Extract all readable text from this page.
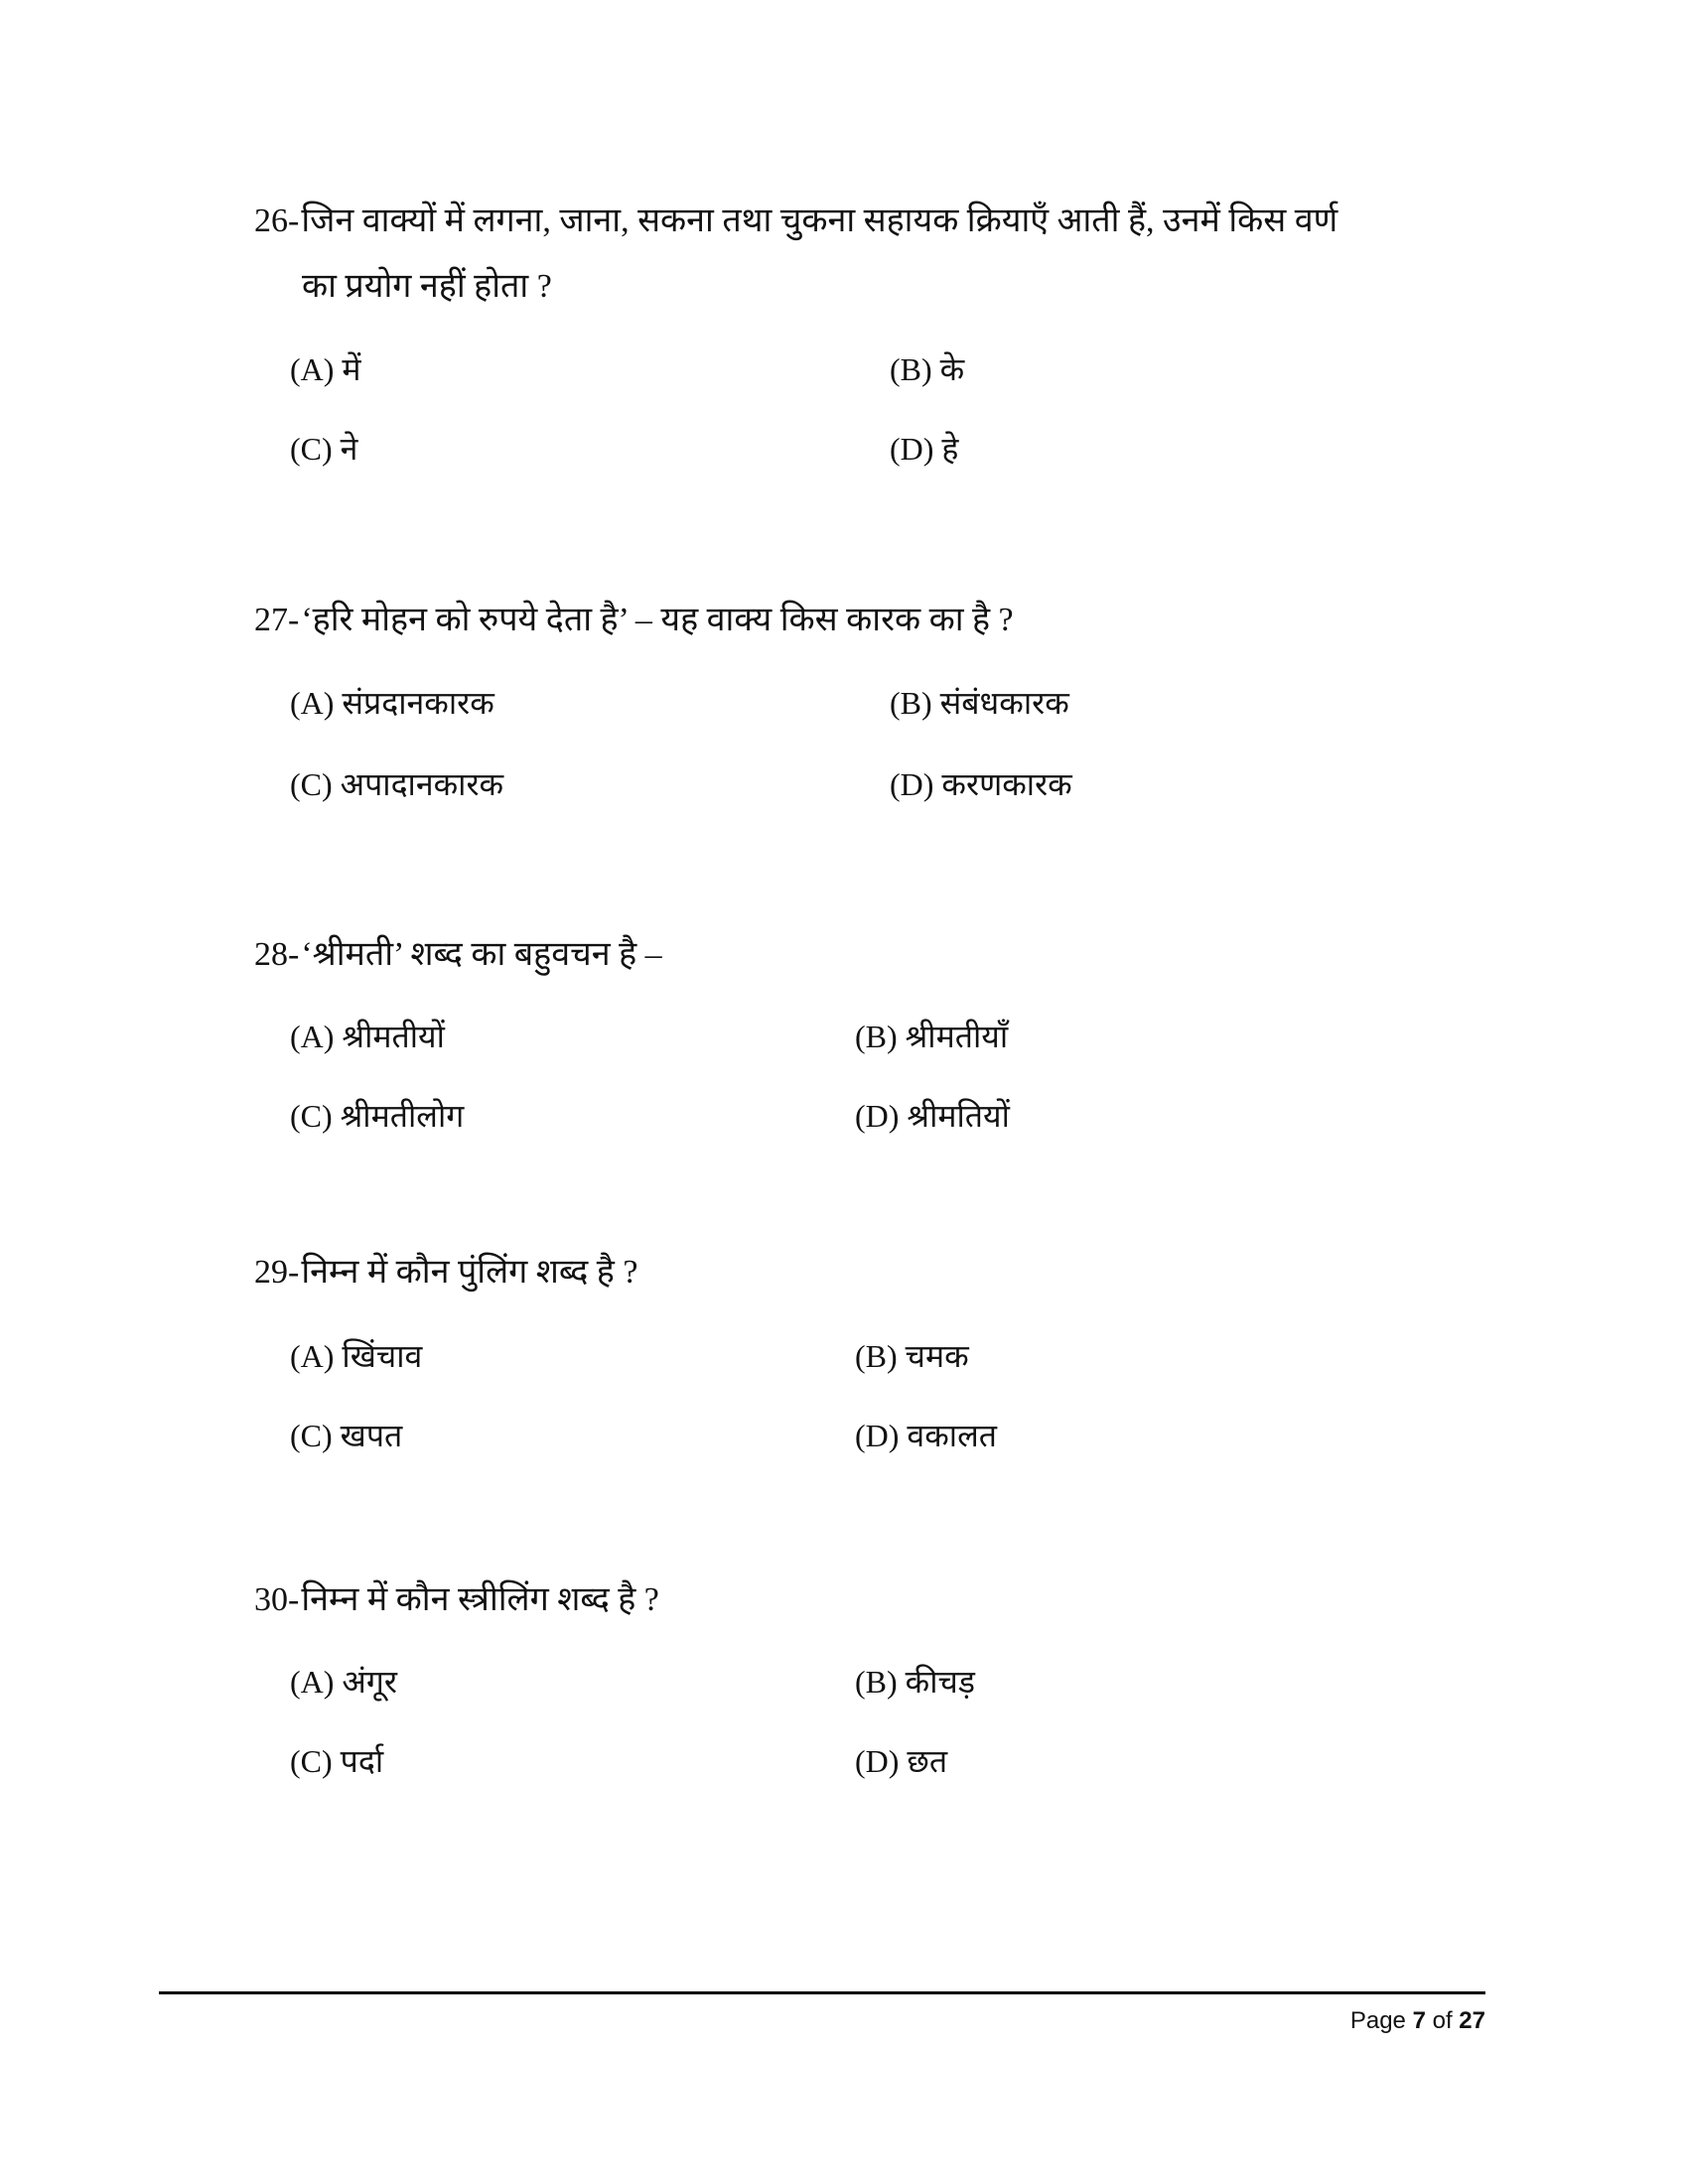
26-जिन वाक्यों में लगना, जाना, सकना तथा चुकना सहायक क्रियाएँ आती हैं, उनमें किस वर्ण
का प्रयोग नहीं होता ?
(A) में	(B) के
(C) ने	(D) हे
27-‘हरि मोहन को रुपये देता है’ – यह वाक्य किस कारक का है ?
(A) संप्रदानकारक	(B) संबंधकारक
(C) अपादानकारक	(D) करणकारक
28-‘श्रीमती’ शब्द का बहुवचन है –
(A) श्रीमतीयों	(B) श्रीमतीयाँ
(C) श्रीमतीलोग	(D) श्रीमतियों
29-निम्न में कौन पुंलिंग शब्द है ?
(A) खिंचाव	(B) चमक
(C) खपत	(D) वकालत
30-निम्न में कौन स्त्रीलिंग शब्द है ?
(A) अंगूर	(B) कीचड़
(C) पर्दा	(D) छत
Page 7 of 27
